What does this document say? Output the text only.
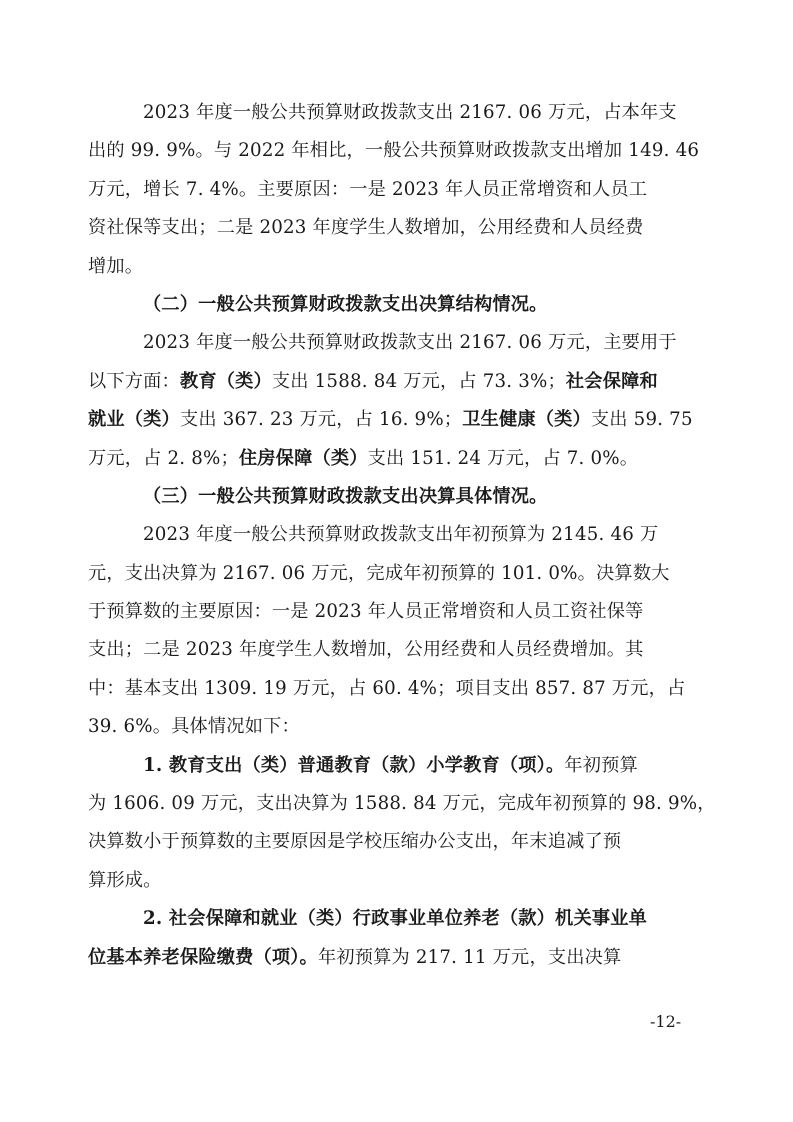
2023 年度一般公共预算财政拨款支出 2167. 06 万元，占本年支
出的 99. 9%。与 2022 年相比，一般公共预算财政拨款支出增加 149. 46
万元，增长 7. 4%。主要原因：一是 2023 年人员正常增资和人员工
资社保等支出；二是 2023 年度学生人数增加，公用经费和人员经费
增加。
（二）一般公共预算财政拨款支出决算结构情况。
2023 年度一般公共预算财政拨款支出 2167. 06 万元，主要用于
以下方面：教育（类）支出 1588. 84 万元，占 73. 3%；社会保障和
就业（类）支出 367. 23 万元，占 16. 9%；卫生健康（类）支出 59. 75
万元，占 2. 8%；住房保障（类）支出 151. 24 万元，占 7. 0%。
（三）一般公共预算财政拨款支出决算具体情况。
2023 年度一般公共预算财政拨款支出年初预算为 2145. 46 万
元，支出决算为 2167. 06 万元，完成年初预算的 101. 0%。决算数大
于预算数的主要原因：一是 2023 年人员正常增资和人员工资社保等
支出；二是 2023 年度学生人数增加，公用经费和人员经费增加。其
中：基本支出 1309. 19 万元，占 60. 4%；项目支出 857. 87 万元，占
39. 6%。具体情况如下：
1. 教育支出（类）普通教育（款）小学教育（项）。年初预算
为 1606. 09 万元，支出决算为 1588. 84 万元，完成年初预算的 98. 9%，
决算数小于预算数的主要原因是学校压缩办公支出，年末追减了预
算形成。
2. 社会保障和就业（类）行政事业单位养老（款）机关事业单
位基本养老保险缴费（项）。年初预算为 217. 11 万元，支出决算
-12-
